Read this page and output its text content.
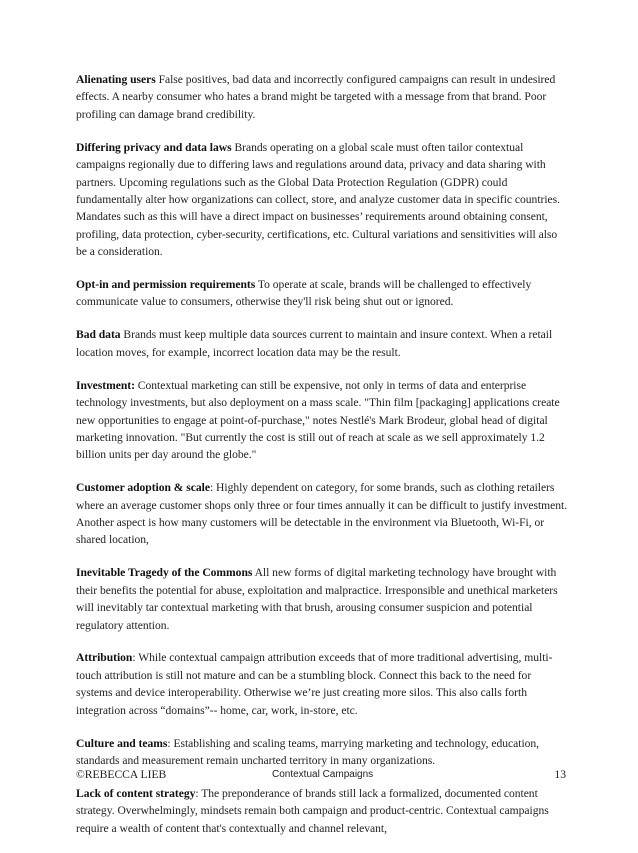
Alienating users False positives, bad data and incorrectly configured campaigns can result in undesired effects. A nearby consumer who hates a brand might be targeted with a message from that brand. Poor profiling can damage brand credibility.

Differing privacy and data laws Brands operating on a global scale must often tailor contextual campaigns regionally due to differing laws and regulations around data, privacy and data sharing with partners. Upcoming regulations such as the Global Data Protection Regulation (GDPR) could fundamentally alter how organizations can collect, store, and analyze customer data in specific countries. Mandates such as this will have a direct impact on businesses’ requirements around obtaining consent, profiling, data protection, cyber-security, certifications, etc. Cultural variations and sensitivities will also be a consideration.

Opt-in and permission requirements To operate at scale, brands will be challenged to effectively communicate value to consumers, otherwise they'll risk being shut out or ignored.

Bad data Brands must keep multiple data sources current to maintain and insure context. When a retail location moves, for example, incorrect location data may be the result.

Investment: Contextual marketing can still be expensive, not only in terms of data and enterprise technology investments, but also deployment on a mass scale. "Thin film [packaging] applications create new opportunities to engage at point-of-purchase," notes Nestlé's Mark Brodeur, global head of digital marketing innovation. "But currently the cost is still out of reach at scale as we sell approximately 1.2 billion units per day around the globe."

Customer adoption & scale: Highly dependent on category, for some brands, such as clothing retailers where an average customer shops only three or four times annually it can be difficult to justify investment. Another aspect is how many customers will be detectable in the environment via Bluetooth, Wi-Fi, or shared location,

Inevitable Tragedy of the Commons All new forms of digital marketing technology have brought with their benefits the potential for abuse, exploitation and malpractice. Irresponsible and unethical marketers will inevitably tar contextual marketing with that brush, arousing consumer suspicion and potential regulatory attention.

Attribution: While contextual campaign attribution exceeds that of more traditional advertising, multi-touch attribution is still not mature and can be a stumbling block. Connect this back to the need for systems and device interoperability. Otherwise we’re just creating more silos. This also calls forth integration across “domains”-- home, car, work, in-store, etc.

Culture and teams: Establishing and scaling teams, marrying marketing and technology, education, standards and measurement remain uncharted territory in many organizations.

Lack of content strategy: The preponderance of brands still lack a formalized, documented content strategy. Overwhelmingly, mindsets remain both campaign and product-centric. Contextual campaigns require a wealth of content that's contextually and channel relevant,

©REBECCA LIEB	Contextual Campaigns	13
